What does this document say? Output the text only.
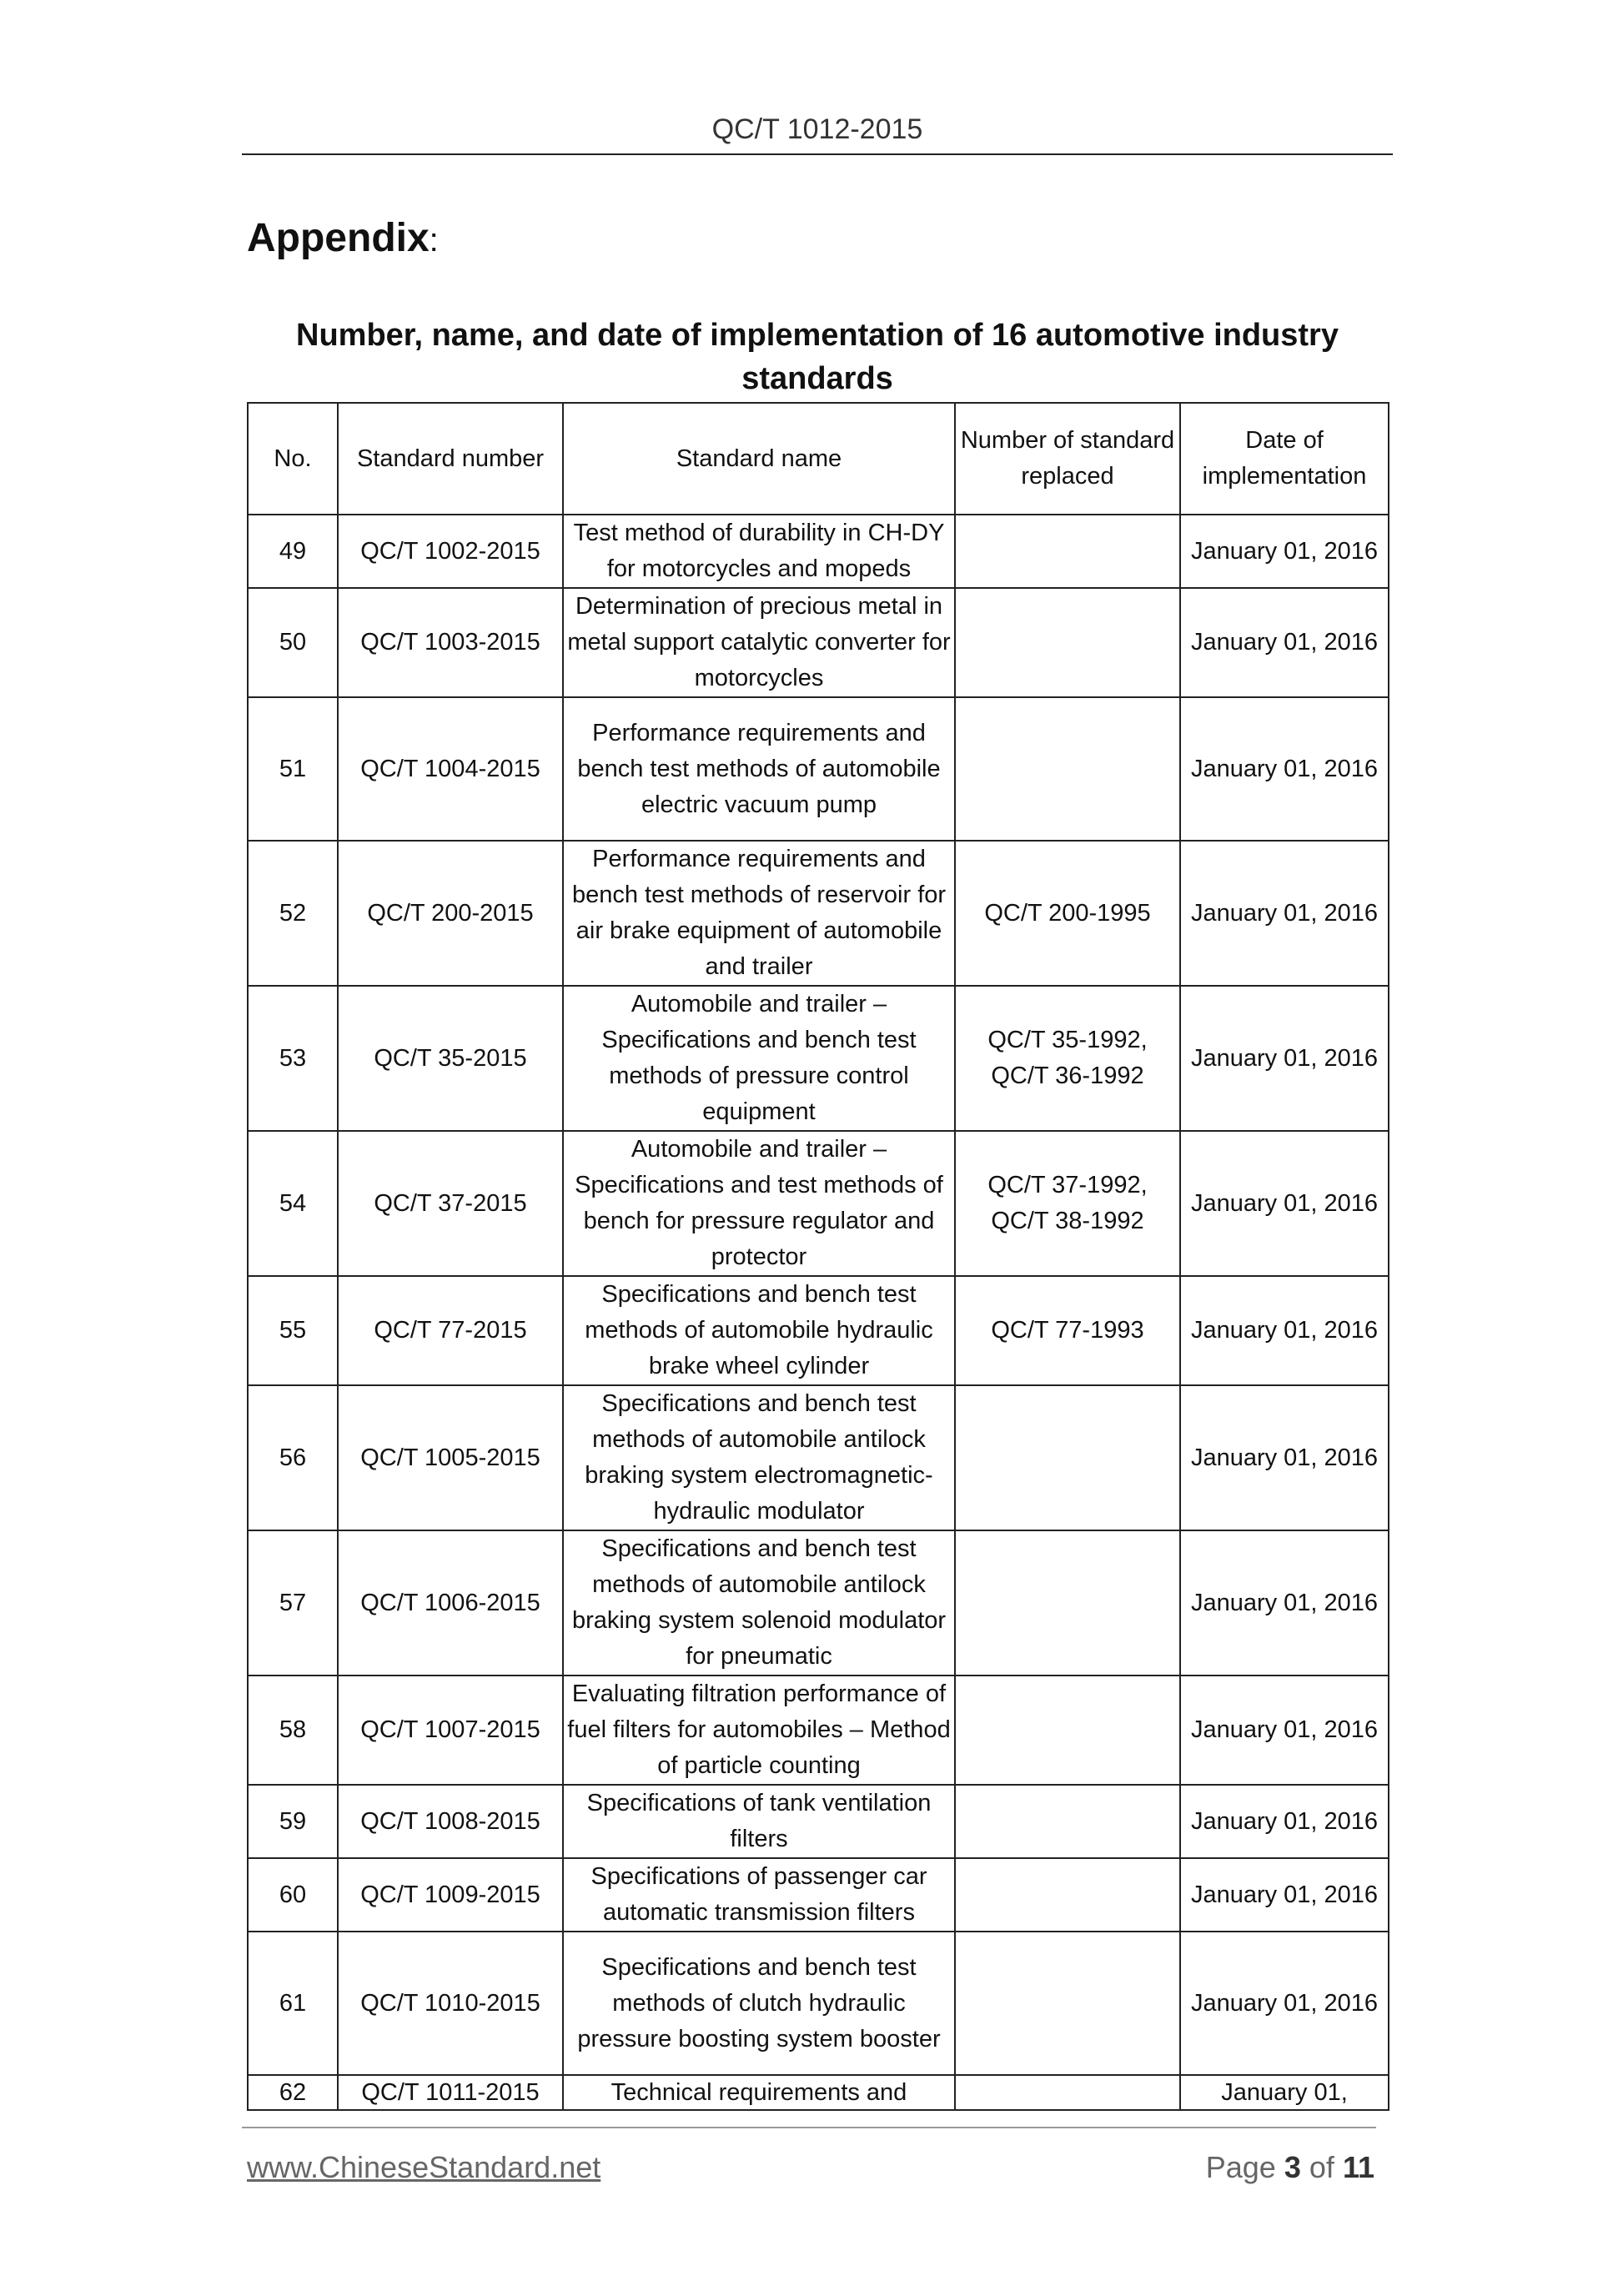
QC/T 1012-2015
Appendix:
Number, name, and date of implementation of 16 automotive industry standards
No.	Standard number	Standard name	Number of standard replaced	Date of implementation
49	QC/T 1002-2015	Test method of durability in CH-DY for motorcycles and mopeds		January 01, 2016
50	QC/T 1003-2015	Determination of precious metal in metal support catalytic converter for motorcycles		January 01, 2016
51	QC/T 1004-2015	Performance requirements and bench test methods of automobile electric vacuum pump		January 01, 2016
52	QC/T 200-2015	Performance requirements and bench test methods of reservoir for air brake equipment of automobile and trailer	QC/T 200-1995	January 01, 2016
53	QC/T 35-2015	Automobile and trailer – Specifications and bench test methods of pressure control equipment	QC/T 35-1992, QC/T 36-1992	January 01, 2016
54	QC/T 37-2015	Automobile and trailer – Specifications and test methods of bench for pressure regulator and protector	QC/T 37-1992, QC/T 38-1992	January 01, 2016
55	QC/T 77-2015	Specifications and bench test methods of automobile hydraulic brake wheel cylinder	QC/T 77-1993	January 01, 2016
56	QC/T 1005-2015	Specifications and bench test methods of automobile antilock braking system electromagnetic-hydraulic modulator		January 01, 2016
57	QC/T 1006-2015	Specifications and bench test methods of automobile antilock braking system solenoid modulator for pneumatic		January 01, 2016
58	QC/T 1007-2015	Evaluating filtration performance of fuel filters for automobiles – Method of particle counting		January 01, 2016
59	QC/T 1008-2015	Specifications of tank ventilation filters		January 01, 2016
60	QC/T 1009-2015	Specifications of passenger car automatic transmission filters		January 01, 2016
61	QC/T 1010-2015	Specifications and bench test methods of clutch hydraulic pressure boosting system booster		January 01, 2016
62	QC/T 1011-2015	Technical requirements and		January 01,
www.ChineseStandard.net	Page 3 of 11
